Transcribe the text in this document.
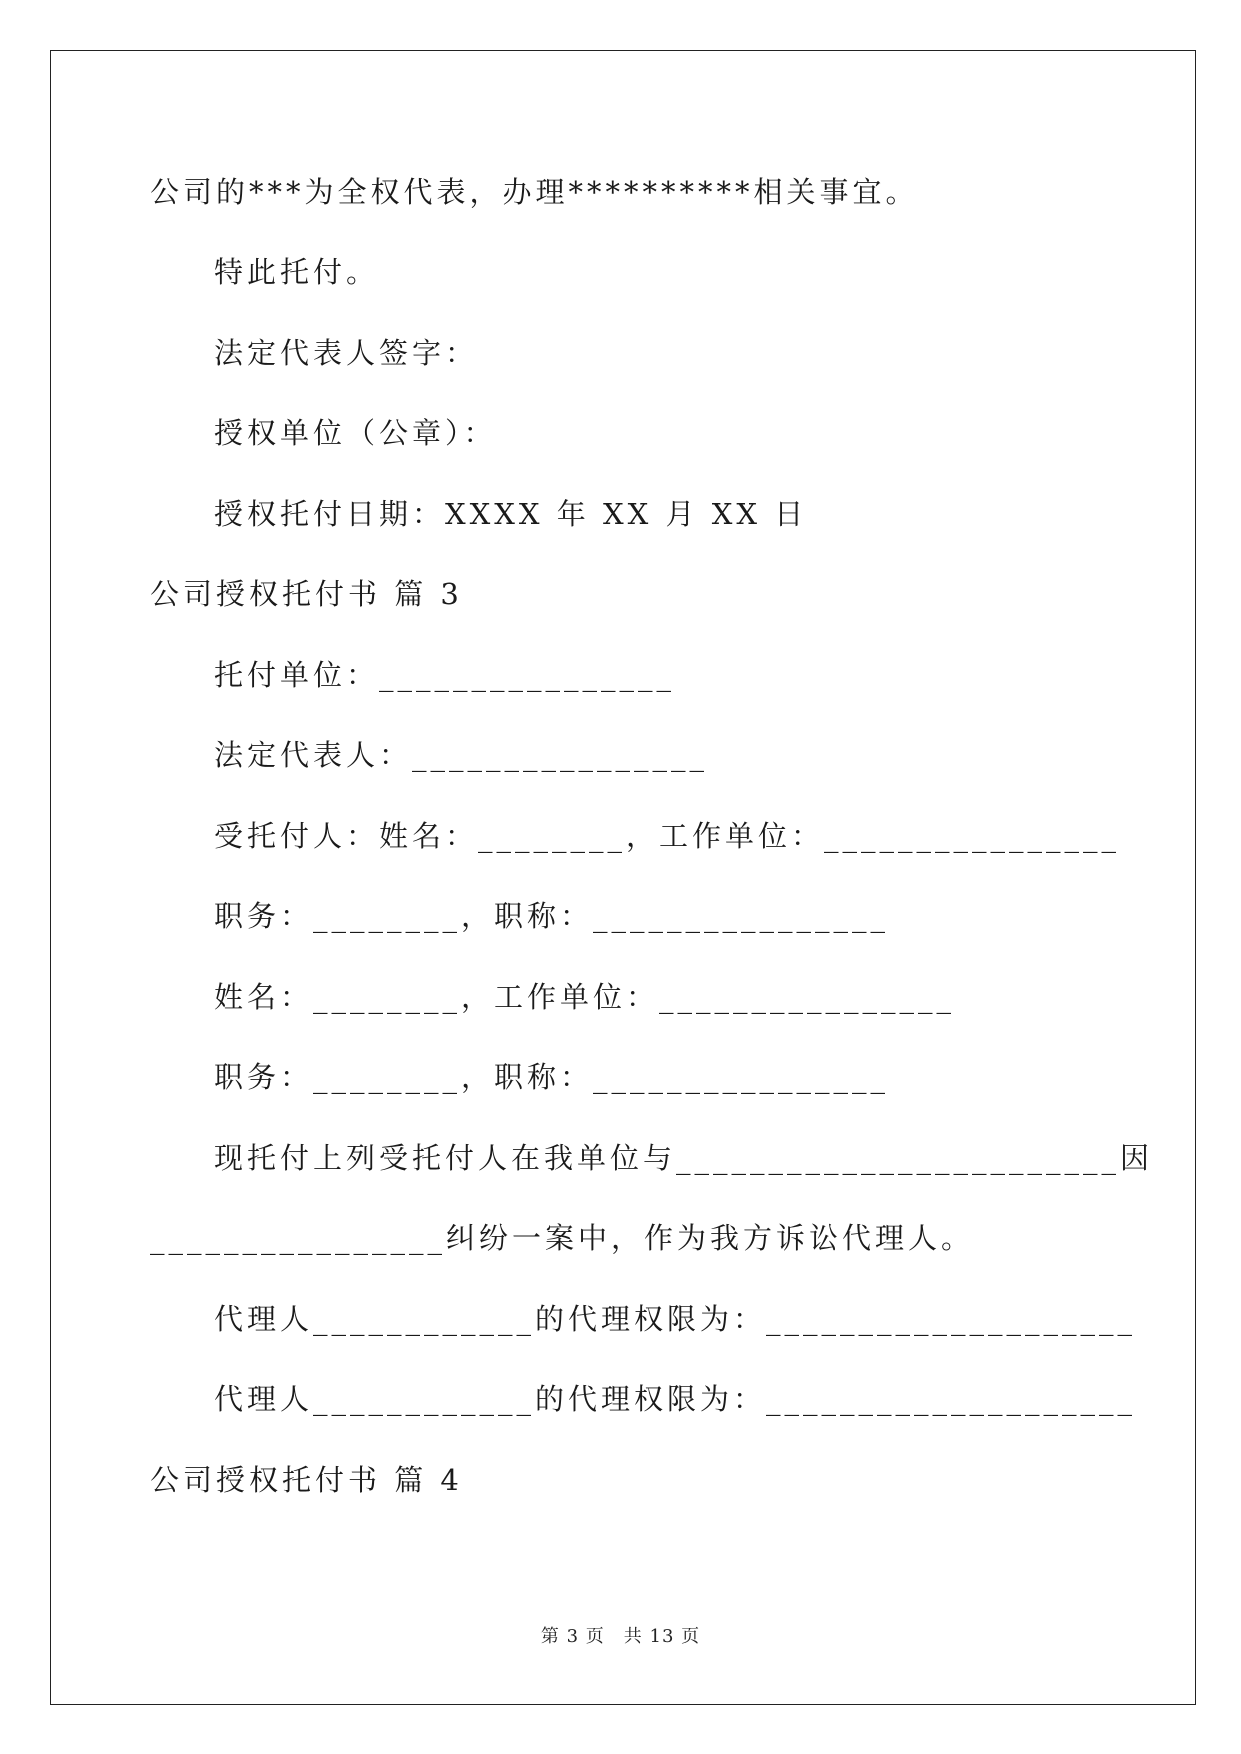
公司的***为全权代表，办理**********相关事宜。
特此托付。
法定代表人签字：
授权单位（公章）：
授权托付日期：XXXX 年 XX 月 XX 日
公司授权托付书 篇 3
托付单位：________________
法定代表人：________________
受托付人：姓名：________，工作单位：________________
职务：________，职称：________________
姓名：________，工作单位：________________
职务：________，职称：________________
现托付上列受托付人在我单位与________________________因
________________纠纷一案中，作为我方诉讼代理人。
代理人____________的代理权限为：____________________
代理人____________的代理权限为：____________________
公司授权托付书 篇 4
第 3 页　共 13 页
